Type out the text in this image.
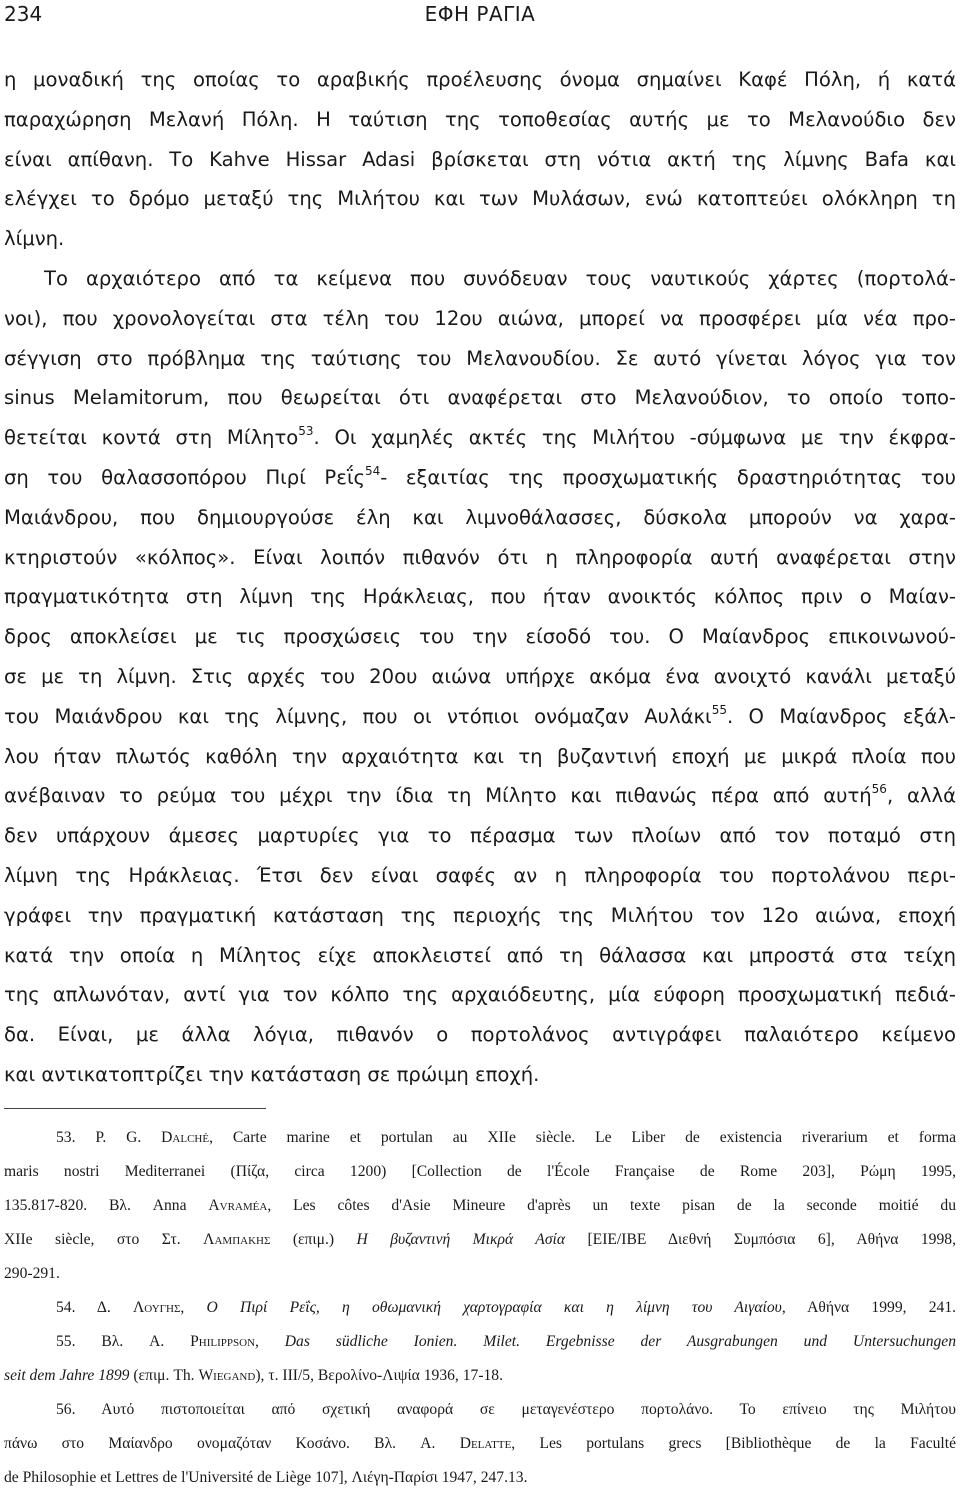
234	ΕΦΗ ΡΑΓΙΑ
η μοναδική της οποίας το αραβικής προέλευσης όνομα σημαίνει Καφέ Πόλη, ή κατά
παραχώρηση Μελανή Πόλη. Η ταύτιση της τοποθεσίας αυτής με το Μελανούδιο δεν
είναι απίθανη. Το Kahve Hissar Adasi βρίσκεται στη νότια ακτή της λίμνης Bafa και
ελέγχει το δρόμο μεταξύ της Μιλήτου και των Μυλάσων, ενώ κατοπτεύει ολόκληρη τη
λίμνη.
Το αρχαιότερο από τα κείμενα που συνόδευαν τους ναυτικούς χάρτες (πορτολά-
νοι), που χρονολογείται στα τέλη του 12ου αιώνα, μπορεί να προσφέρει μία νέα προ-
σέγγιση στο πρόβλημα της ταύτισης του Μελανουδίου. Σε αυτό γίνεται λόγος για τον
sinus Melamitorum, που θεωρείται ότι αναφέρεται στο Μελανούδιον, το οποίο τοπο-
θετείται κοντά στη Μίλητο$^{53}$. Οι χαμηλές ακτές της Μιλήτου -σύμφωνα με την έκφρα-
ση του θαλασσοπόρου Πιρί Ρεΐς$^{54}$- εξαιτίας της προσχωματικής δραστηριότητας του
Μαιάνδρου, που δημιουργούσε έλη και λιμνοθάλασσες, δύσκολα μπορούν να χαρα-
κτηριστούν «κόλπος». Είναι λοιπόν πιθανόν ότι η πληροφορία αυτή αναφέρεται στην
πραγματικότητα στη λίμνη της Ηράκλειας, που ήταν ανοικτός κόλπος πριν ο Μαίαν-
δρος αποκλείσει με τις προσχώσεις του την είσοδό του. Ο Μαίανδρος επικοινωνού-
σε με τη λίμνη. Στις αρχές του 20ου αιώνα υπήρχε ακόμα ένα ανοιχτό κανάλι μεταξύ
του Μαιάνδρου και της λίμνης, που οι ντόπιοι ονόμαζαν Αυλάκι$^{55}$. Ο Μαίανδρος εξάλ-
λου ήταν πλωτός καθόλη την αρχαιότητα και τη βυζαντινή εποχή με μικρά πλοία που
ανέβαιναν το ρεύμα του μέχρι την ίδια τη Μίλητο και πιθανώς πέρα από αυτή$^{56}$, αλλά
δεν υπάρχουν άμεσες μαρτυρίες για το πέρασμα των πλοίων από τον ποταμό στη
λίμνη της Ηράκλειας. Έτσι δεν είναι σαφές αν η πληροφορία του πορτολάνου περι-
γράφει την πραγματική κατάσταση της περιοχής της Μιλήτου τον 12ο αιώνα, εποχή
κατά την οποία η Μίλητος είχε αποκλειστεί από τη θάλασσα και μπροστά στα τείχη
της απλωνόταν, αντί για τον κόλπο της αρχαιόδευτης, μία εύφορη προσχωματική πεδιά-
δα. Είναι, με άλλα λόγια, πιθανόν ο πορτολάνος αντιγράφει παλαιότερο κείμενο
και αντικατοπτρίζει την κατάσταση σε πρώιμη εποχή.
53. P. G. Dalché, Carte marine et portulan au XIIe siècle. Le Liber de existencia riverarium et forma
maris nostri Mediterranei (Πίζα, circa 1200) [Collection de l'École Française de Rome 203], Ρώμη 1995,
135.817-820. Βλ. Anna Avraméa, Les côtes d'Asie Mineure d'après un texte pisan de la seconde moitié du
XIIe siècle, στο Στ. Λαμπακης (επιμ.) Η βυζαντινή Μικρά Ασία [ΕΙΕ/ΙΒΕ Διεθνή Συμπόσια 6], Αθήνα 1998,
290-291.
54. Δ. Λουγης, Ο Πιρί Ρεΐς, η οθωμανική χαρτογραφία και η λίμνη του Αιγαίου, Αθήνα 1999, 241.
55. Βλ. A. Philippson, Das südliche Ionien. Milet. Ergebnisse der Ausgrabungen und Untersuchungen
seit dem Jahre 1899 (επιμ. Th. Wiegand), τ. III/5, Βερολίνο-Λιψία 1936, 17-18.
56. Αυτό πιστοποιείται από σχετική αναφορά σε μεταγενέστερο πορτολάνο. Το επίνειο της Μιλήτου
πάνω στο Μαίανδρο ονομαζόταν Κοσάνο. Βλ. A. Delatte, Les portulans grecs [Bibliothèque de la Faculté
de Philosophie et Lettres de l'Université de Liège 107], Λιέγη-Παρίσι 1947, 247.13.
